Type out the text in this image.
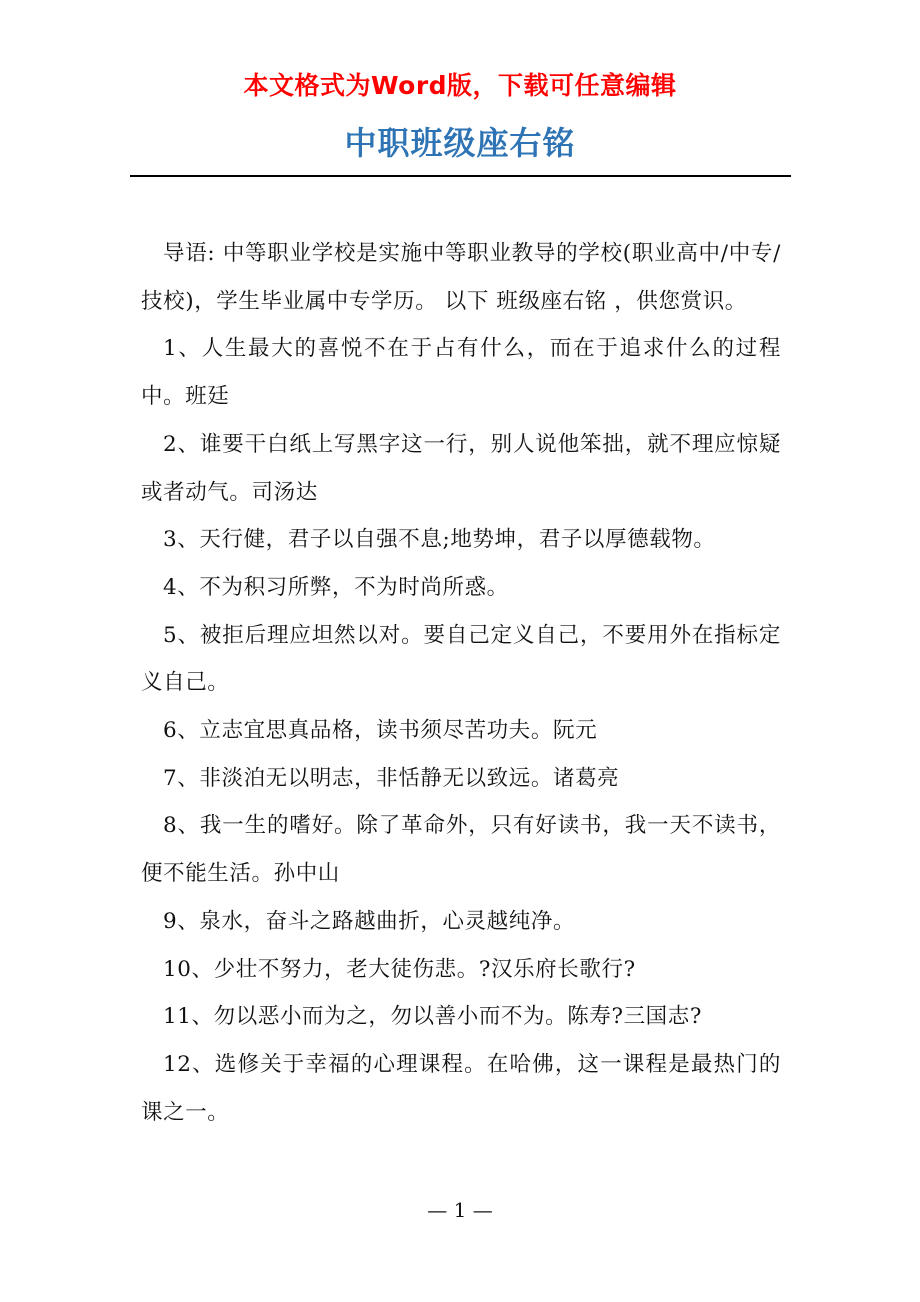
本文格式为Word版，下载可任意编辑
中职班级座右铭

导语: 中等职业学校是实施中等职业教导的学校(职业高中/中专/技校)，学生毕业属中专学历。 以下 班级座右铭 ，供您赏识。

1、人生最大的喜悦不在于占有什么，而在于追求什么的过程中。班廷

2、谁要干白纸上写黑字这一行，别人说他笨拙，就不理应惊疑或者动气。司汤达

3、天行健，君子以自强不息;地势坤，君子以厚德载物。

4、不为积习所弊，不为时尚所惑。

5、被拒后理应坦然以对。要自己定义自己，不要用外在指标定义自己。

6、立志宜思真品格，读书须尽苦功夫。阮元

7、非淡泊无以明志，非恬静无以致远。诸葛亮

8、我一生的嗜好。除了革命外，只有好读书，我一天不读书，便不能生活。孙中山

9、泉水，奋斗之路越曲折，心灵越纯净。

10、少壮不努力，老大徒伤悲。?汉乐府长歌行?

11、勿以恶小而为之，勿以善小而不为。陈寿?三国志?

12、选修关于幸福的心理课程。在哈佛，这一课程是最热门的课之一。

— 1 —
